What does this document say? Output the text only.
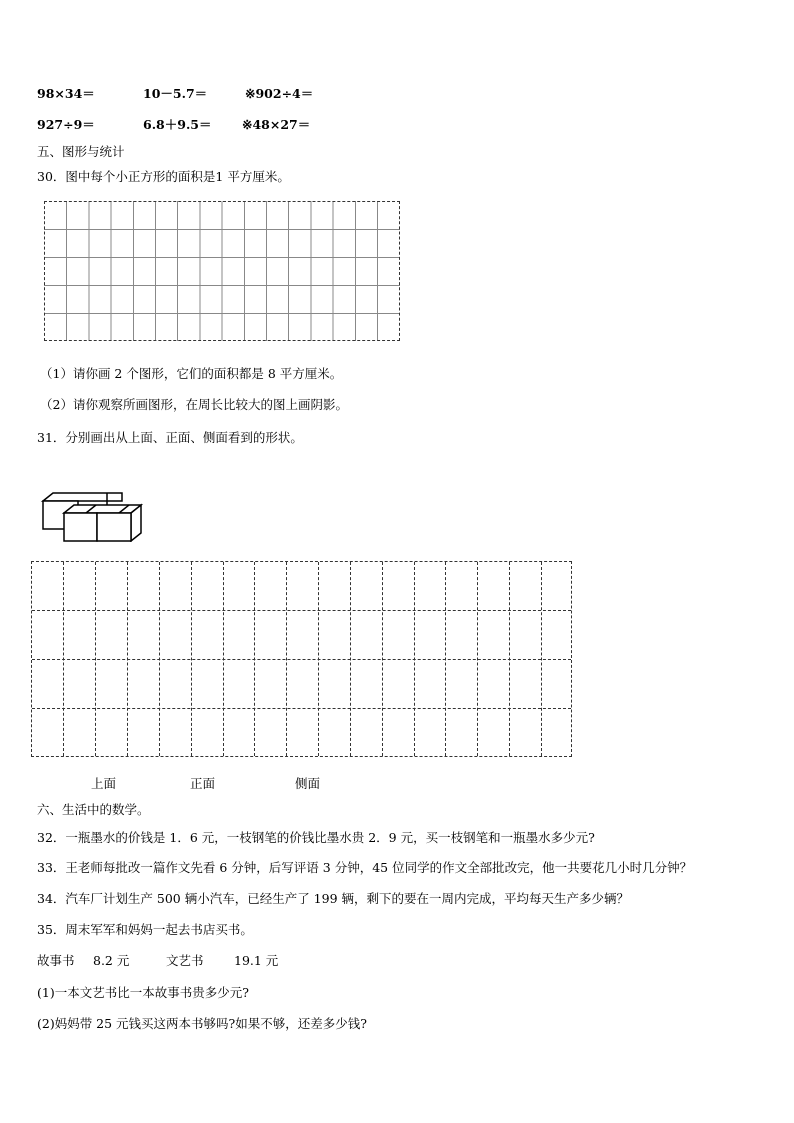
98×34＝	10－5.7＝	※902÷4＝
927÷9＝	6.8＋9.5＝ ※48×27＝
五、图形与统计
30．图中每个小正方形的面积是1 平方厘米。
（1）请你画 2 个图形，它们的面积都是 8 平方厘米。
（2）请你观察所画图形，在周长比较大的图上画阴影。
31．分别画出从上面、正面、侧面看到的形状。
上面	正面	侧面
六、生活中的数学。
32．一瓶墨水的价钱是 1．6 元，一枝钢笔的价钱比墨水贵 2．9 元，买一枝钢笔和一瓶墨水多少元?
33．王老师每批改一篇作文先看 6 分钟，后写评语 3 分钟，45 位同学的作文全部批改完，他一共要花几小时几分钟？
34．汽车厂计划生产 500 辆小汽车，已经生产了 199 辆，剩下的要在一周内完成，平均每天生产多少辆？
35．周末军军和妈妈一起去书店买书。
故事书 8.2 元	文艺书 19.1 元
(1)一本文艺书比一本故事书贵多少元?
(2)妈妈带 25 元钱买这两本书够吗?如果不够，还差多少钱?
